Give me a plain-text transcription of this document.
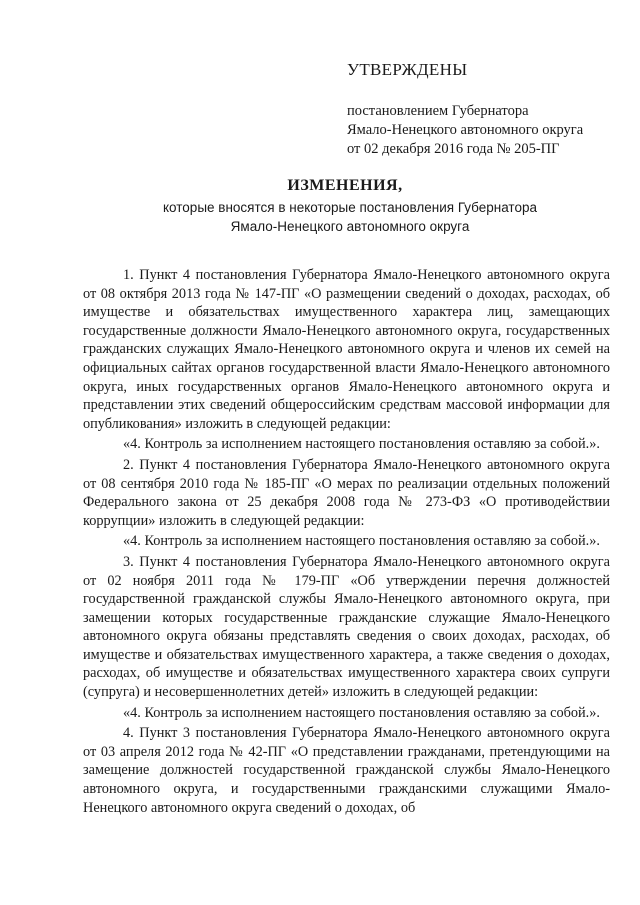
УТВЕРЖДЕНЫ
постановлением Губернатора
Ямало-Ненецкого автономного округа
от 02 декабря 2016 года № 205-ПГ
ИЗМЕНЕНИЯ,
которые вносятся в некоторые постановления Губернатора
Ямало-Ненецкого автономного округа

1. Пункт 4 постановления Губернатора Ямало-Ненецкого автономного округа от 08 октября 2013 года № 147-ПГ «О размещении сведений о доходах, расходах, об имуществе и обязательствах имущественного характера лиц, замещающих государственные должности Ямало-Ненецкого автономного округа, государственных гражданских служащих Ямало-Ненецкого автономного округа и членов их семей на официальных сайтах органов государственной власти Ямало-Ненецкого автономного округа, иных государственных органов Ямало-Ненецкого автономного округа и представлении этих сведений общероссийским средствам массовой информации для опубликования» изложить в следующей редакции:

«4. Контроль за исполнением настоящего постановления оставляю за собой.».

2. Пункт 4 постановления Губернатора Ямало-Ненецкого автономного округа от 08 сентября 2010 года № 185-ПГ «О мерах по реализации отдельных положений Федерального закона от 25 декабря 2008 года № 273-ФЗ «О противодействии коррупции» изложить в следующей редакции:

«4. Контроль за исполнением настоящего постановления оставляю за собой.».

3. Пункт 4 постановления Губернатора Ямало-Ненецкого автономного округа от 02 ноября 2011 года № 179-ПГ «Об утверждении перечня должностей государственной гражданской службы Ямало-Ненецкого автономного округа, при замещении которых государственные гражданские служащие Ямало-Ненецкого автономного округа обязаны представлять сведения о своих доходах, расходах, об имуществе и обязательствах имущественного характера, а также сведения о доходах, расходах, об имуществе и обязательствах имущественного характера своих супруги (супруга) и несовершеннолетних детей» изложить в следующей редакции:

«4. Контроль за исполнением настоящего постановления оставляю за собой.».

4. Пункт 3 постановления Губернатора Ямало-Ненецкого автономного округа от 03 апреля 2012 года № 42-ПГ «О представлении гражданами, претендующими на замещение должностей государственной гражданской службы Ямало-Ненецкого автономного округа, и государственными гражданскими служащими Ямало-Ненецкого автономного округа сведений о доходах, об
